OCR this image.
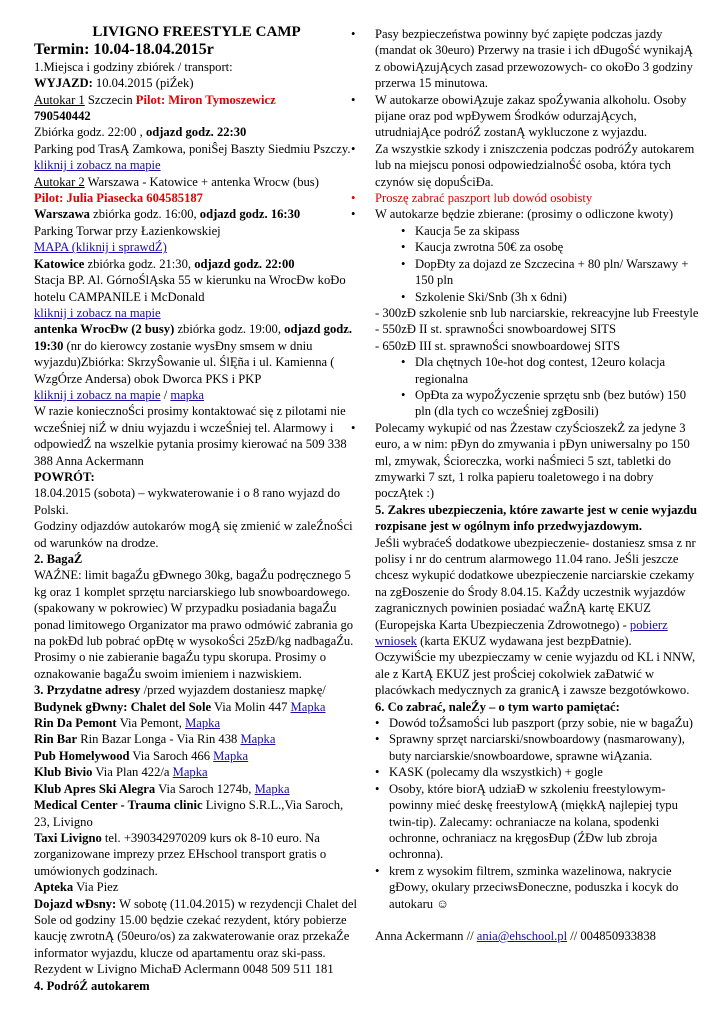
LIVIGNO FREESTYLE CAMP
Termin: 10.04-18.04.2015r

1.Miejsca i godziny zbiórek / transport:

WYJAZD: 10.04.2015 (piŹek)

Autokar 1 Szczecin Pilot: Miron Tymoszewicz

790540442

Zbiórka godz. 22:00 , odjazd godz. 22:30

Parking pod TrasĄ Zamkowa, poniŜej Baszty Siedmiu Pszczy.

kliknij i zobacz na mapie

Autokar 2 Warszawa - Katowice + antenka Wrocw (bus)

Pilot: Julia Piasecka 604585187

Warszawa zbiórka godz. 16:00, odjazd godz. 16:30

Parking Torwar przy Łazienkowskiej

MAPA (kliknij i sprawdŹ)

Katowice zbiórka godz. 21:30, odjazd godz. 22:00

Stacja BP. Al. GórnoŚlĄska 55 w kierunku na WrocĐw koĐo hotelu CAMPANILE i McDonald

kliknij i zobacz na mapie

antenka WrocĐw (2 busy) zbiórka godz. 19:00, odjazd godz. 19:30 (nr do kierowcy zostanie wysĐny smsem w dniu wyjazdu)Zbiórka: SkrzyŜowanie ul. ŚlĘña i ul. Kamienna ( WzgÓrze Andersa) obok Dworca PKS i PKP

kliknij i zobacz na mapie / mapka

W razie koniecznoŚci prosimy kontaktować się z pilotami nie wczeŚniej niŹ w dniu wyjazdu i wczeŚniej tel. Alarmowy i odpowiedŹ na wszelkie pytania prosimy kierować na 509 338 388 Anna Ackermann

POWRÓT:

18.04.2015 (sobota) – wykwaterowanie i o 8 rano wyjazd do Polski.

Godziny odjazdów autokarów mogĄ się zmienić w zaleŹnoŚci od warunków na drodze.

2. BagaŹ

WAŹNE: limit bagaŹu gĐwnego 30kg, bagaŹu podręcznego 5 kg oraz 1 komplet sprzętu narciarskiego lub snowboardowego.(spakowany w pokrowiec) W przypadku posiadania bagaŹu ponad limitowego Organizator ma prawo odmówić zabrania go na pokĐd lub pobrać opĐtę w wysokoŚci 25zĐ/kg nadbagaŹu. Prosimy o nie zabieranie bagaŹu typu skorupa. Prosimy o oznakowanie bagaŹu swoim imieniem i nazwiskiem.

3. Przydatne adresy /przed wyjazdem dostaniesz mapkę/

Budynek gĐwny: Chalet del Sole Via Molin 447 Mapka

Rin Da Pemont Via Pemont, Mapka

Rin Bar Rin Bazar Longa - Via Rin 438 Mapka

Pub Homelywood Via Saroch 466 Mapka

Klub Bivio Via Plan 422/a Mapka

Klub Apres Ski Alegra Via Saroch 1274b, Mapka

Medical Center - Trauma clinic Livigno S.R.L.,Via Saroch, 23, Livigno

Taxi Livigno tel. +390342970209 kurs ok 8-10 euro. Na zorganizowane imprezy przez EHschool transport gratis o umówionych godzinach.

Apteka Via Piez

Dojazd wĐsny: W sobotę (11.04.2015) w rezydencji Chalet del Sole od godziny 15.00 będzie czekać rezydent, który pobierze kaucję zwrotnĄ (50euro/os) za zakwaterowanie oraz przekaŹe informator wyjazdu, klucze od apartamentu oraz ski-pass.

Rezydent w Livigno MichaĐ Aclermann 0048 509 511 181

4. PodróŹ autokarem

• Pasy bezpieczeństwa powinny być zapięte podczas jazdy (mandat ok 30euro) Przerwy na trasie i ich dĐugoŚć wynikajĄ z obowiĄzujĄcych zasad przewozowych- co okoĐo 3 godziny przerwa 15 minutowa.
• W autokarze obowiĄzuje zakaz spoŹywania alkoholu. Osoby pijane oraz pod wpĐywem Środków odurzajĄcych, utrudniajĄce podróŹ zostanĄ wykluczone z wyjazdu.
• Za wszystkie szkody i zniszczenia podczas podróŹy autokarem lub na miejscu ponosi odpowiedzialnoŚć osoba, która tych czynów się dopuŚciĐa.
• Proszę zabrać paszport lub dowód osobisty
• W autokarze będzie zbierane: (prosimy o odliczone kwoty)
• Kaucja 5e za skipass
• Kaucja zwrotna 50€ za osobę
• DopĐty za dojazd ze Szczecina + 80 pln/ Warszawy + 150 pln
• Szkolenie Ski/Snb (3h x 6dni)

- 300zĐ szkolenie snb lub narciarskie, rekreacyjne lub Freestyle

- 550zĐ II st. sprawnoŚci snowboardowej SITS

- 650zĐ III st. sprawnoŚci snowboardowej SITS

• Dla chętnych 10e-hot dog contest, 12euro kolacja regionalna
• OpĐta za wypoŹyczenie sprzętu snb (bez butów) 150 pln (dla tych co wczeŚniej zgĐosili)
• Polecamy wykupić od nas Żzestaw czyŚcioszekŻ za jedyne 3 euro, a w nim: pĐyn do zmywania i pĐyn uniwersalny po 150 ml, zmywak, Ścioreczka, worki naŚmieci 5 szt, tabletki do zmywarki 7 szt, 1 rolka papieru toaletowego i na dobry poczĄtek :)

5. Zakres ubezpieczenia, które zawarte jest w cenie wyjazdu rozpisane jest w ogólnym info przedwyjazdowym.

JeŚli wybraćeŚ dodatkowe ubezpieczenie- dostaniesz smsa z nr polisy i nr do centrum alarmowego 11.04 rano. JeŚli jeszcze chcesz wykupić dodatkowe ubezpieczenie narciarskie czekamy na zgĐoszenie do Środy 8.04.15. KaŹdy uczestnik wyjazdów zagranicznych powinien posiadać waŹnĄ kartę EKUZ (Europejska Karta Ubezpieczenia Zdrowotnego) - pobierz wniosek (karta EKUZ wydawana jest bezpĐatnie).

OczywiŚcie my ubezpieczamy w cenie wyjazdu od KL i NNW, ale z KartĄ EKUZ jest proŚciej cokolwiek zaĐatwić w placówkach medycznych za granicĄ i zawsze bezgotówkowo.

6. Co zabrać, naleŹy – o tym warto pamiętać:

• Dowód toŹsamoŚci lub paszport (przy sobie, nie w bagaŹu)
• Sprawny sprzęt narciarski/snowboardowy (nasmarowany), buty narciarskie/snowboardowe, sprawne wiĄzania.
• KASK (polecamy dla wszystkich) + gogle
• Osoby, które biorĄ udziaĐ w szkoleniu freestylowym- powinny mieć deskę freestylowĄ (miękkĄ najlepiej typu twin-tip). Zalecamy: ochraniacze na kolana, spodenki ochronne, ochraniacz na kręgosĐup (ŹĐw lub zbroja ochronna).
• krem z wysokim filtrem, szminka wazelinowa, nakrycie gĐowy, okulary przeciwsĐoneczne, poduszka i kocyk do autokaru ☺

Anna Ackermann // ania@ehschool.pl // 004850933838
